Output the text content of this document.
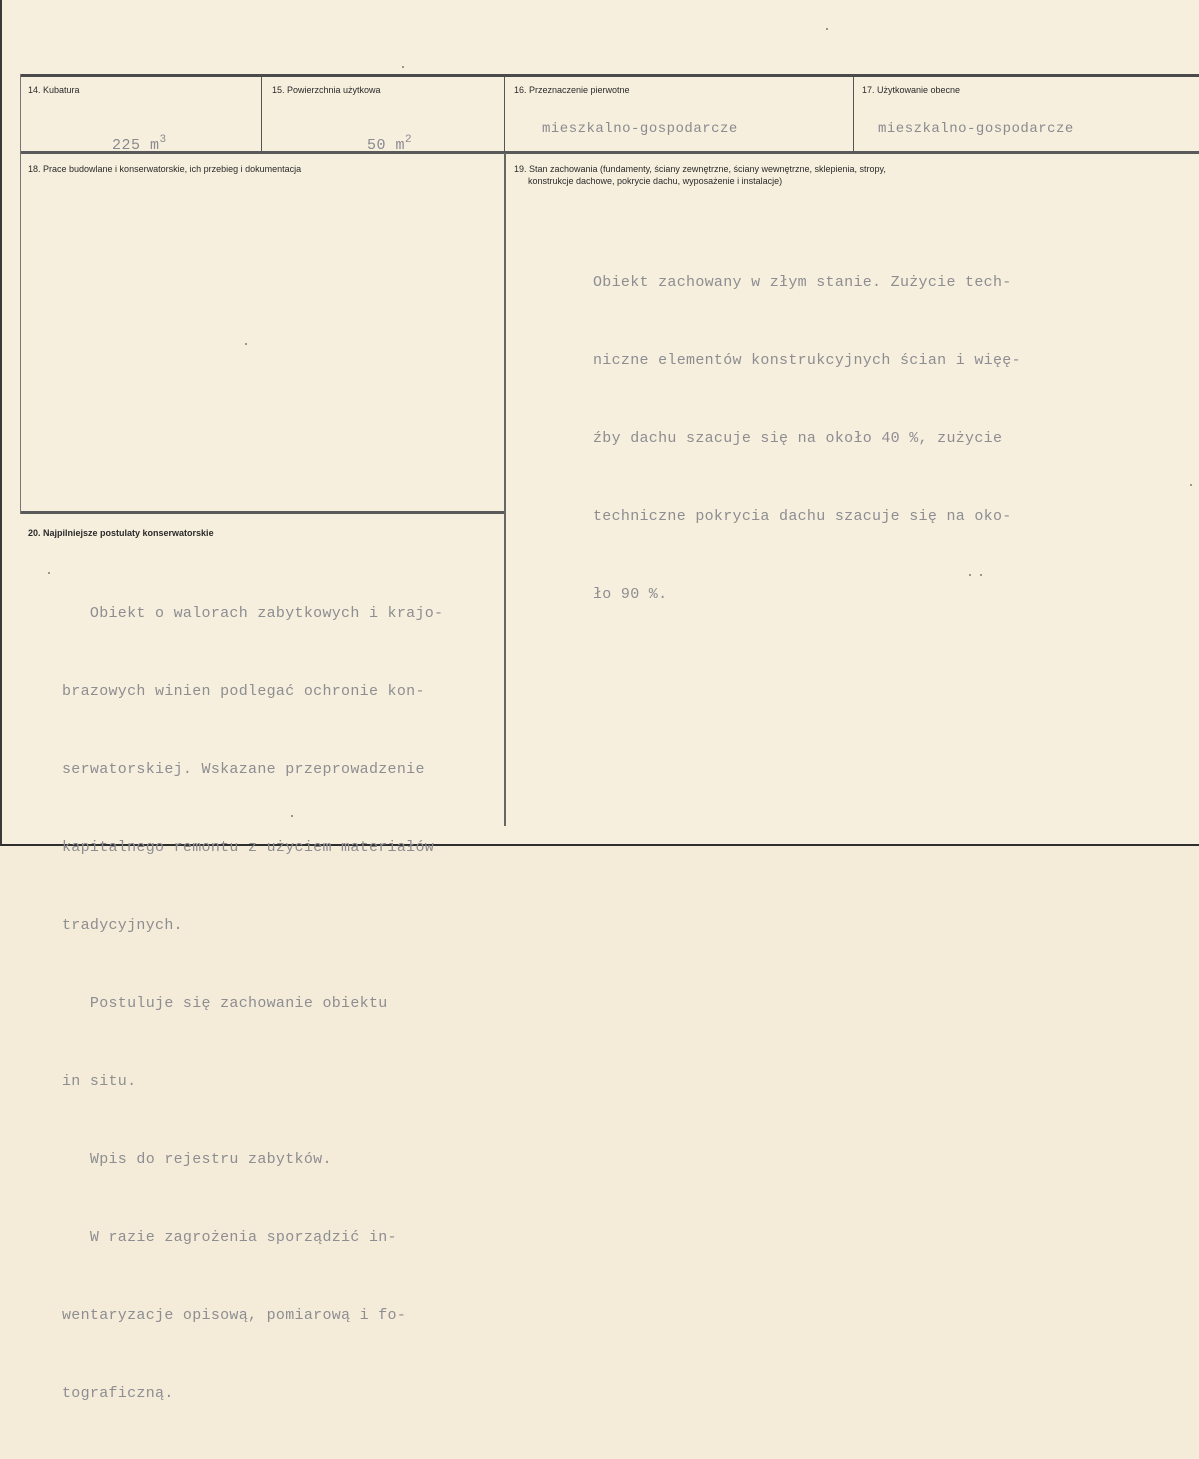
14. Kubatura

225 $m^3$

15. Powierzchnia użytkowa

50 $m^2$

16. Przeznaczenie pierwotne
mieszkalno-gospodarcze
17. Użytkowanie obecne
mieszkalno-gospodarcze
18. Prace budowlane i konserwatorskie, ich przebieg i dokumentacja	19. Stan zachowania (fundamenty, ściany zewnętrzne, ściany wewnętrzne, sklepienia, stropy,
konstrukcje dachowe, pokrycie dachu, wyposażenie i instalacje)

Obiekt zachowany w złym stanie. Zużycie tech-

niczne elementów konstrukcyjnych ścian i więę-

źby dachu szacuje się na około 40 %, zużycie

techniczne pokrycia dachu szacuje się na oko-

ło 90 %.

20. Najpilniejsze postulaty konserwatorskie

Obiekt o walorach zabytkowych i krajo-

brazowych winien podlegać ochronie kon-

serwatorskiej. Wskazane przeprowadzenie

kapitalnego remontu z użyciem materiałów

tradycyjnych.

Postuluje się zachowanie obiektu

in situ.

Wpis do rejestru zabytków.

W razie zagrożenia sporządzić in-

wentaryzacje opisową, pomiarową i fo-

tograficzną.
